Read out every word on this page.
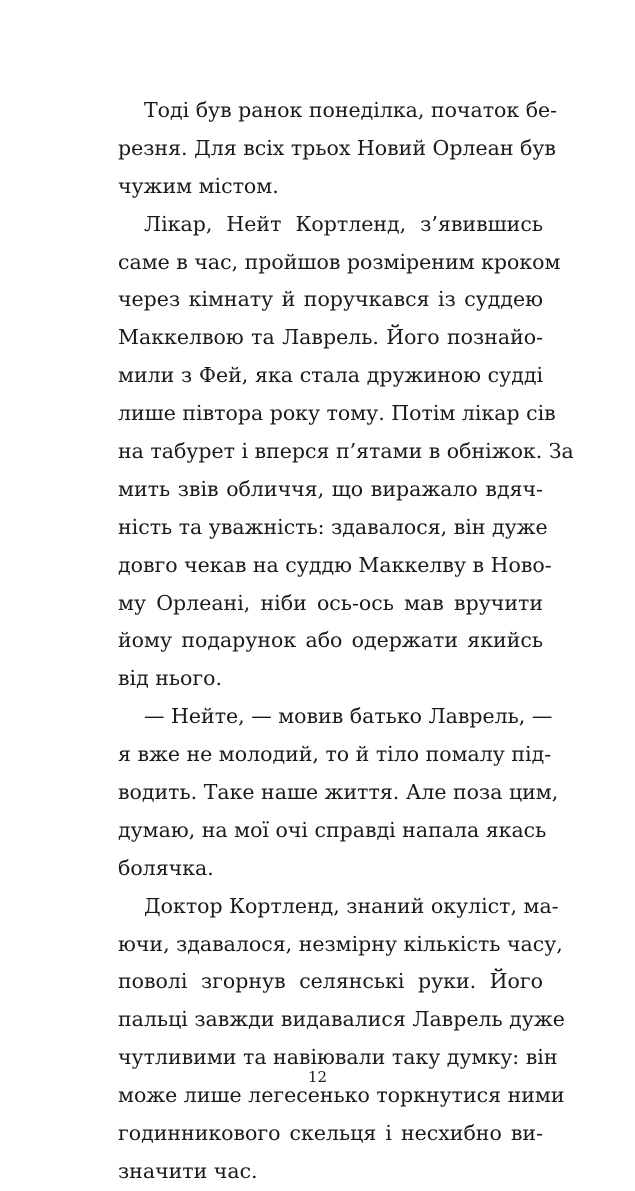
Тоді був ранок понеділка, початок бе-
резня. Для всіх трьох Новий Орлеан був
чужим містом.
Лікар, Нейт Кортленд, з’явившись
саме в час, пройшов розміреним кроком
через кімнату й поручкався із суддею
Маккелвою та Лаврель. Його познайо-
мили з Фей, яка стала дружиною судді
лише півтора року тому. Потім лікар сів
на табурет і вперся п’ятами в обніжок. За
мить звів обличчя, що виражало вдяч-
ність та уважність: здавалося, він дуже
довго чекав на суддю Маккелву в Ново-
му Орлеані, ніби ось-ось мав вручити
йому подарунок або одержати якийсь
від нього.
— Нейте, — мовив батько Лаврель, —
я вже не молодий, то й тіло помалу під-
водить. Таке наше життя. Але поза цим,
думаю, на мої очі справді напала якась
болячка.
Доктор Кортленд, знаний окуліст, ма-
ючи, здавалося, незмірну кількість часу,
поволі згорнув селянські руки. Його
пальці завжди видавалися Лаврель дуже
чутливими та навіювали таку думку: він
може лише легесенько торкнутися ними
годинникового скельця і несхибно ви-
значити час.
12
